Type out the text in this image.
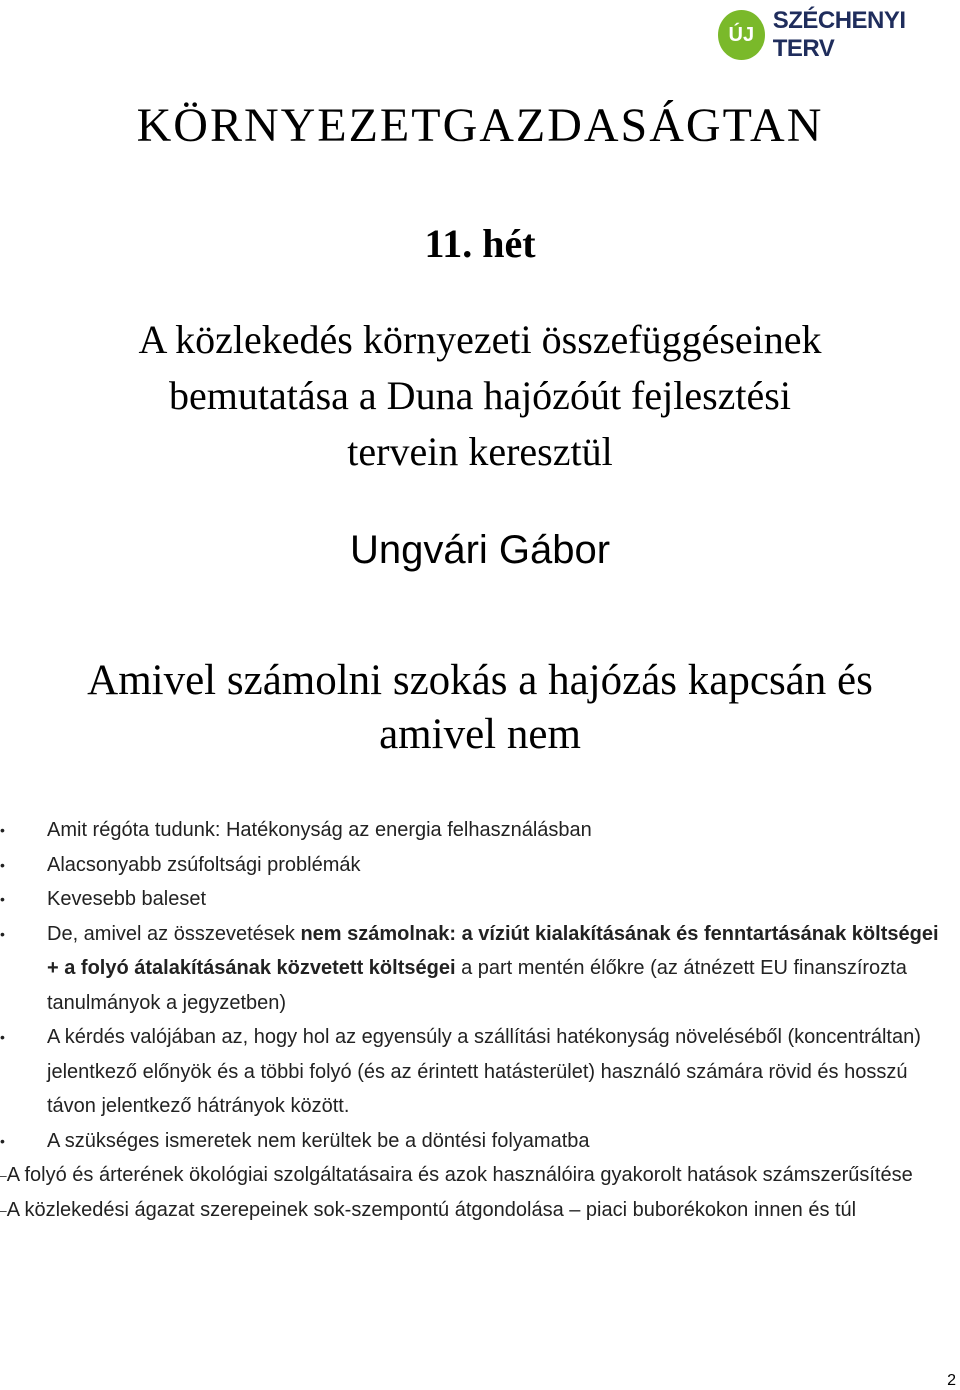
ÚJ
SZÉCHENYI TERV
KÖRNYEZETGAZDASÁGTAN
11. hét
A közlekedés környezeti összefüggéseinek
bemutatása a Duna hajózóút fejlesztési
tervein keresztül
Ungvári Gábor
Amivel számolni szokás a hajózás kapcsán és
amivel nem
• Amit régóta tudunk: Hatékonyság az energia felhasználásban
• Alacsonyabb zsúfoltsági problémák
• Kevesebb baleset
• De, amivel az összevetések nem számolnak: a víziút kialakításának és fenntartásának költségei + a folyó átalakításának közvetett költségei a part mentén élőkre (az átnézett EU finanszírozta tanulmányok a jegyzetben)
• A kérdés valójában az, hogy hol az egyensúly a szállítási hatékonyság növeléséből (koncentráltan) jelentkező előnyök és a többi folyó (és az érintett hatásterület) használó számára rövid és hosszú távon jelentkező hátrányok között.
• A szükséges ismeretek nem kerültek be a döntési folyamatba
–A folyó és árterének ökológiai szolgáltatásaira és azok használóira gyakorolt hatások számszerűsítése
–A közlekedési ágazat szerepeinek sok-szempontú átgondolása – piaci buborékokon innen és túl
2
